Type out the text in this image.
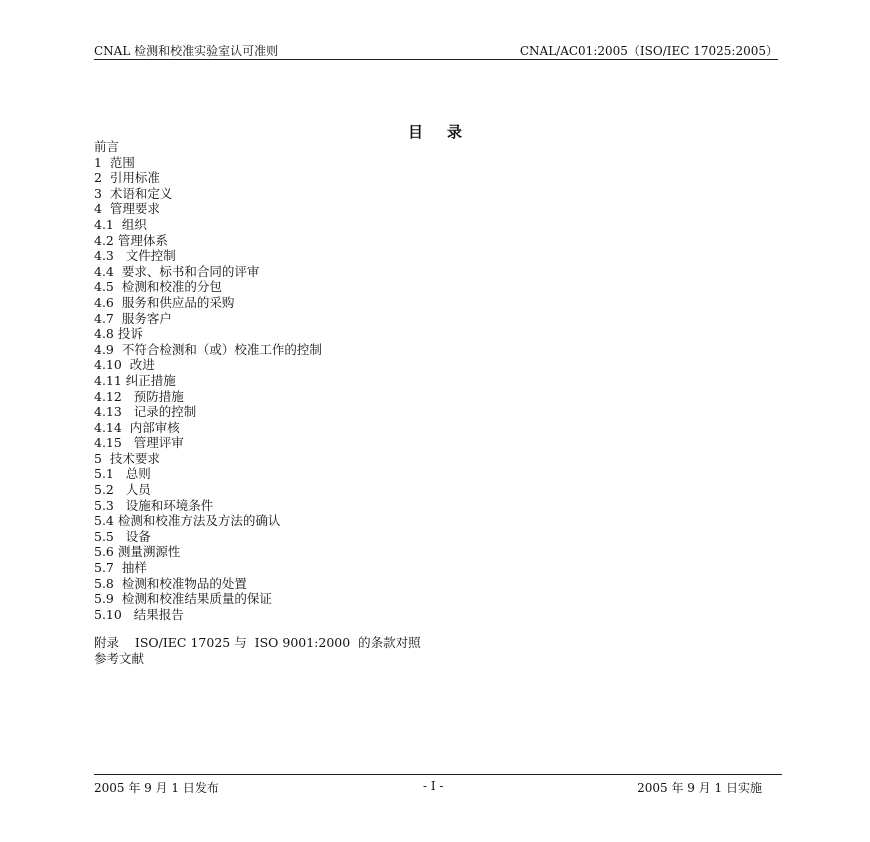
CNAL 检测和校准实验室认可准则	CNAL/AC01:2005（ISO/IEC 17025:2005）
目 录
前言
1  范围
2  引用标准
3  术语和定义
4  管理要求
4.1  组织
4.2 管理体系
4.3   文件控制
4.4  要求、标书和合同的评审
4.5  检测和校准的分包
4.6  服务和供应品的采购
4.7  服务客户
4.8 投诉
4.9  不符合检测和（或）校准工作的控制
4.10  改进
4.11 纠正措施
4.12   预防措施
4.13   记录的控制
4.14  内部审核
4.15   管理评审
5  技术要求
5.1   总则
5.2   人员
5.3   设施和环境条件
5.4 检测和校准方法及方法的确认
5.5   设备
5.6 测量溯源性
5.7  抽样
5.8  检测和校准物品的处置
5.9  检测和校准结果质量的保证
5.10   结果报告
附录    ISO/IEC 17025 与  ISO 9001:2000  的条款对照
参考文献
2005 年 9 月 1 日发布	- I -	2005 年 9 月 1 日实施
